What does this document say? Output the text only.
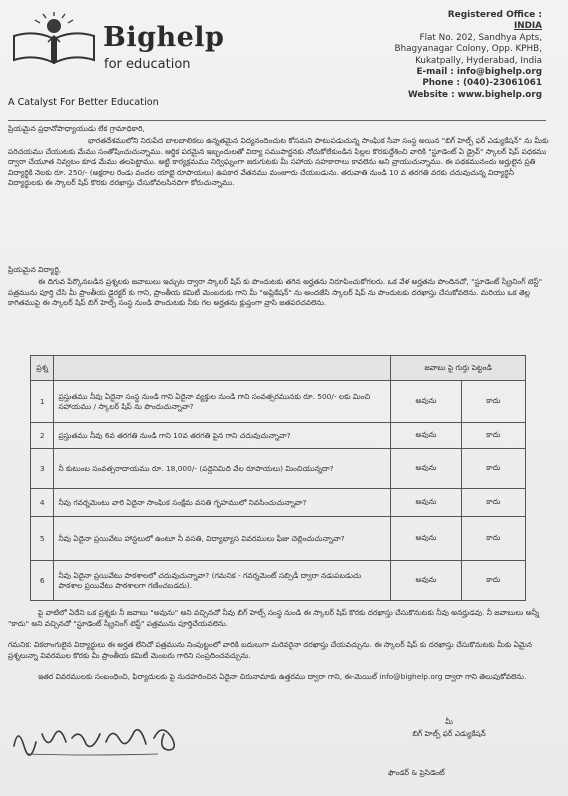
Bighelp
for education
A Catalyst For Better Education
Registered Office :
INDIA
Flat No. 202, Sandhya Apts,
Bhagyanagar Colony, Opp. KPHB,
Kukatpally, Hyderabad, India
E-mail : info@bighelp.org
Phone : (040)-23061061
Website : www.bighelp.org
ప్రియమైన ప్రధానోపాధ్యాయుడు లేక గ్రామాధికారి,
భారతదేశములోని నిరుపేద బాలబాలికలు ఉన్నతమైన విద్యనందించుట కోసమని పాటుపడుచున్న సాంఘిక సేవా సంస్థ అయిన "బిగ్ హెల్ప్ ఫర్ ఎడ్యుకేషన్" ను మీకు పరిచయము చేయుటకు మేము సంతోషించుచున్నాము. ఆర్థిక పరమైన ఇబ్బందులతో విద్యా సముపార్జనకు నోచుకోలేకుండిన పిల్లల కొరకుద్దేశించి వారికి "స్టూడెంట్ ఏ డ్రైవ్" స్కాలర్ షిప్ పధకము ద్వారా చేయూత నివ్వటం కూడ మేము తలపెట్టాము. అట్టి కార్యక్రమము నిర్విఘ్నంగా జరుగుటకు మీ సహాయ సహకారాలు కావలెను అని వ్రాయుచున్నాము. ఈ పథకమునందు అర్హులైన ప్రతి విద్యార్థికి నెలకు రూ. 250/- (అక్షరాల రెండు వందల యాభై రూపాయలు) ఉపకార వేతనము మంజూరు చేయబడును. తరువాతి నుండి 10 వ తరగతి వరకు చదువుచున్న విద్యార్థినీ విద్యార్థులకు ఈ స్కాలర్ షిప్ కొరకు దరఖాస్తు చేసుకోవలసినదిగా కోరుచున్నాము.
ప్రియమైన విద్యార్థి,
ఈ దిగువ పేర్కొనబడిన ప్రశ్నలకు జవాబులు ఇచ్చుట ద్వారా స్కాలర్ షిప్ కు పొందుటకు తగిన అర్హతను నిరూపించుకోగలరు. ఒక వేళ అర్హతను పొందినచో, "స్టూడెంట్ స్క్రీనింగ్ టెస్ట్" పత్రమును పూర్తి చేసి మీ ప్రాంతీయ డైరక్టర్ కు గాని, ప్రాంతీయ కమిటీ మెంబరుకు గాని మీ "అప్లికేషన్" ను అందజేసి స్కాలర్ షిప్ ను పొందుటకు దరఖాస్తు చేసుకోవలెను. మరియు ఒక తెల్ల కాగితముపై ఈ స్కాలర్ షిప్ బిగ్ హెల్ప్ సంస్థ నుండి పొందుటకు నీకు గల అర్హతను క్లుప్తంగా వ్రాసి జతపరచవలెను.
ప్రశ్న		జవాబు పై గుర్తు పెట్టండి	
1	ప్రస్తుతము నీవు ఏదైనా సంస్థ నుండి గాని ఏదైనా వ్యక్తుల నుండి గాని సంవత్సరమునకు రూ. 500/- లకు మించి సహాయము / స్కాలర్ షిప్ ను పొందుచున్నావా?	అవును	కాదు
2	ప్రస్తుతము నీవు 6వ తరగతి నుండి గాని 10వ తరగతి పైన గాని చదువుచున్నావా?	అవును	కాదు
3	నీ కుటుంబ సంవత్సరాదాయము రూ. 18,000/- (పద్దెనిమిది వేల రూపాయలు) మించియున్నదా?	అవును	కాదు
4	నీవు గవర్నమెంటు వారి ఏదైనా సాంఘిక సంక్షేమ వసతి గృహములో నివసించుచున్నావా?	అవును	కాదు
5	నీవు ఏదైనా ప్రయివేటు హాస్టలులో ఉంటూ నీ వసతి, విద్యాభ్యాస వివరములు ఫీజు చెల్లించుచున్నావా?	అవును	కాదు
6	నీవు ఏదైనా ప్రయివేటు పాఠశాలలో చదువుచున్నావా? (గమనిక - గవర్నమెంట్ సబ్సిడీ ద్వారా నడుపబడుచు పాఠశాల ప్రయివేటు పాఠశాలగా గణించబడదు).	అవును	కాదు
పై వాటిలో ఏదేని ఒక ప్రశ్నకు నీ జవాబు "అవును" అని వచ్చినచో నీవు బిగ్ హెల్ప్ సంస్థ నుండి ఈ స్కాలర్ షిప్ కొరకు దరఖాస్తు చేసుకొనుటకు నీవు అనర్హుడవు. నీ జవాబులు అన్నీ "కాదు" అని వచ్చినచో "స్టూడెంట్ స్క్రీనింగ్ టెస్ట్" పత్రమును పూర్తిచేయవలెను.
గమనిక: వికలాంగులైన విద్యార్థులు ఈ అర్హత లేనిచో పత్రమును నింపుట్టంలో వారికి బదులుగా మరెవరైనా దరఖాస్తు చేయవచ్చును. ఈ స్కాలర్ షిప్ కు దరఖాస్తు చేసుకొనుటకు మీకు ఏమైన ప్రశ్నలున్నా వివరముల కొరకు మీ ప్రాంతీయ కమిటీ మెంబరు గారిని సంప్రదించవచ్చును.
ఇతర వివరములకు సంబంధించి, ఫిర్యాదులకు పై నుదహరించిన ఏదైనా చిరునామాకు ఉత్తరము ద్వారా గాని, ఈ-మెయిల్ info@bighelp.org ద్వారా గాని తెలుపుకోవలెను.
మీ
బిగ్ హెల్ప్ ఫర్ ఎడ్యుకేషన్
ఫౌండర్ & ప్రెసిడెంట్
